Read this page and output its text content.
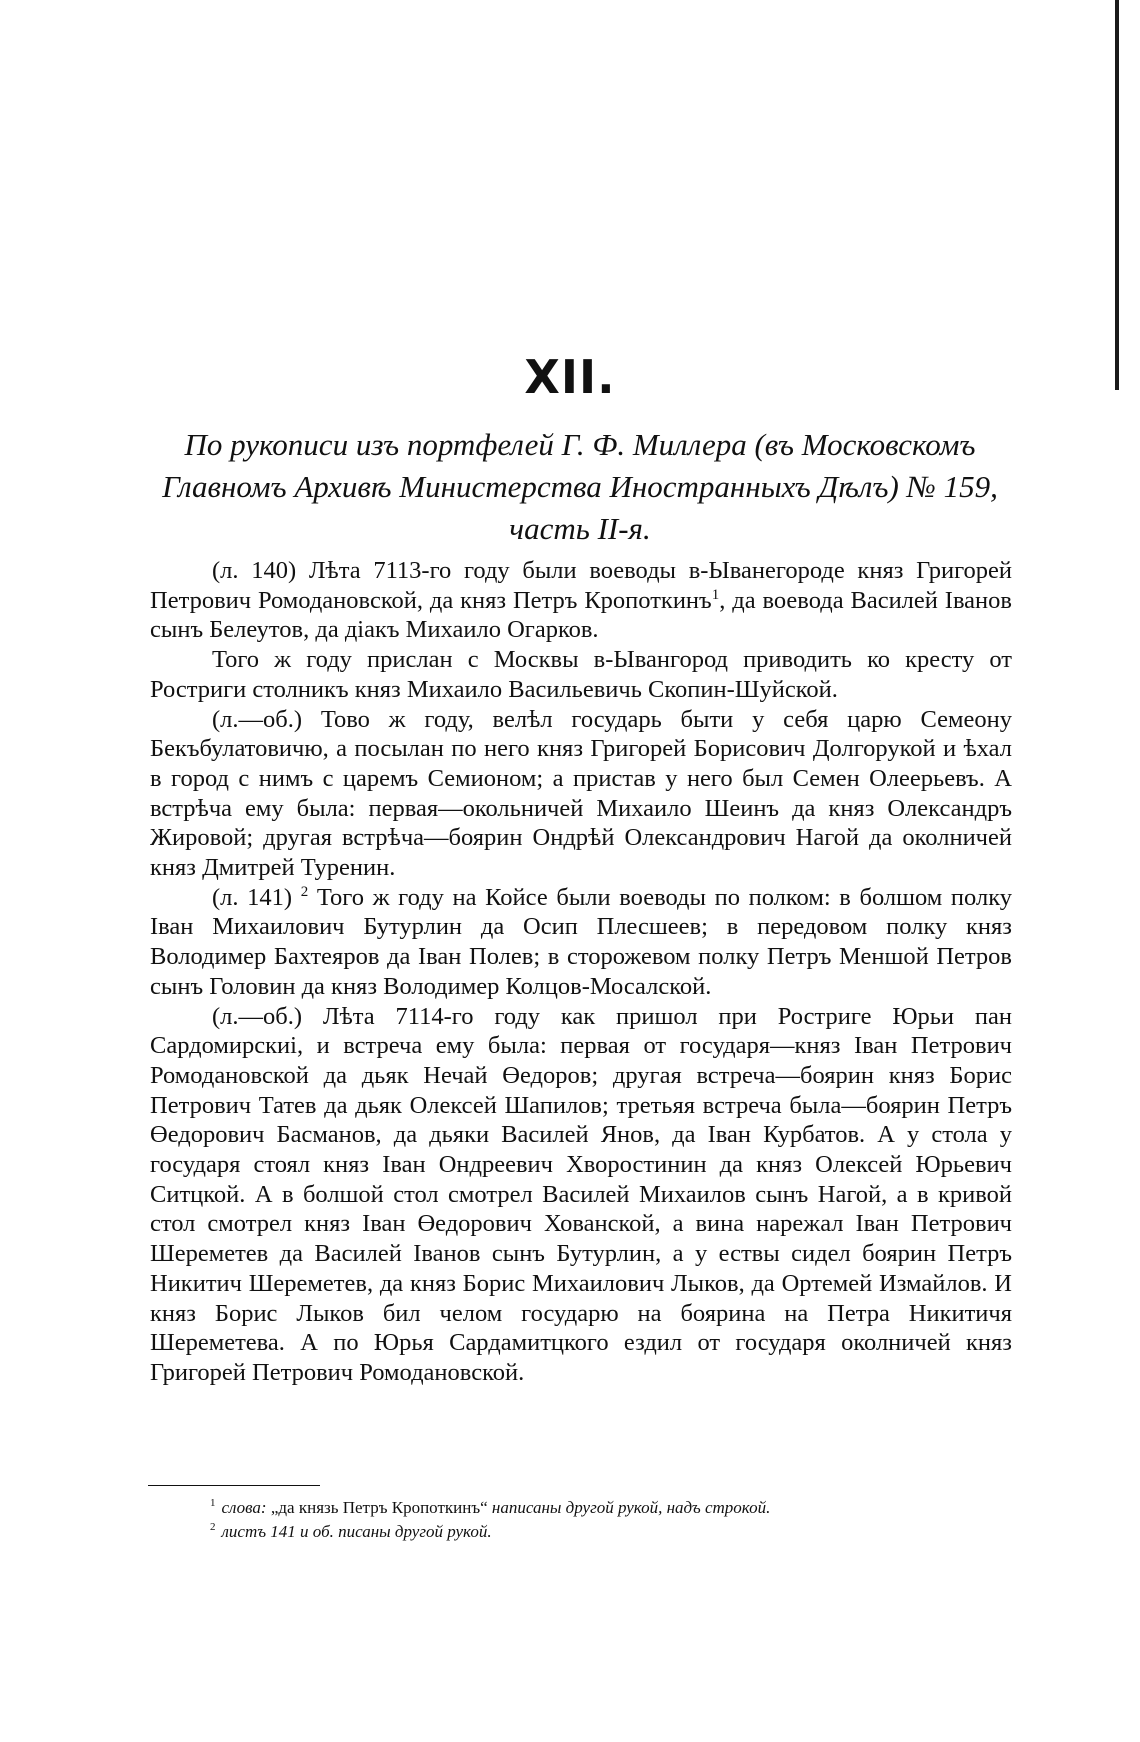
XII.
По рукописи изъ портфелей Г. Ф. Миллера (въ Московскомъ
Главномъ Архивѣ Министерства Иностранныхъ Дѣлъ) № 159,
часть II-я.

(л. 140) Лѣта 7113-го году были воеводы в-Ыванегороде княз Григорей Петрович Ромодановской, да княз Петръ Кропоткинъ$^1$, да воевода Василей Іванов сынъ Белеутов, да діакъ Михаило Огарков.

Того ж году прислан с Москвы в-Ывангород приводить ко кресту от Ростриги столникъ княз Михаило Васильевичь Скопин-Шуйской.

(л.—об.) Тово ж году, велѣл государь быти у себя царю Семеону Бекъбулатовичю, а посылан по него княз Григорей Борисович Долгорукой и ѣхал в город с нимъ с царемъ Семионом; а пристав у него был Семен Олеерьевъ. А встрѣча ему была: первая—окольничей Михаило Шеинъ да княз Олександръ Жировой; другая встрѣча—боярин Ондрѣй Олександрович Нагой да околничей княз Дмитрей Туренин.

(л. 141) $^2$ Того ж году на Койсе были воеводы по полком: в болшом полку Іван Михаилович Бутурлин да Осип Плесшеев; в передовом полку княз Володимер Бахтеяров да Іван Полев; в сторожевом полку Петръ Меншой Петров сынъ Головин да княз Володимер Колцов-Мосалской.

(л.—об.) Лѣта 7114-го году как пришол при Ростриге Юрьи пан Сардомирскиі, и встреча ему была: первая от государя—княз Іван Петрович Ромодановской да дьяк Нечай Өедоров; другая встреча—боярин княз Борис Петрович Татев да дьяк Олексей Шапилов; третьяя встреча была—боярин Петръ Өедорович Басманов, да дьяки Василей Янов, да Іван Курбатов. А у стола у государя стоял княз Іван Ондреевич Хворостинин да княз Олексей Юрьевич Ситцкой. А в болшой стол смотрел Василей Михаилов сынъ Нагой, а в кривой стол смотрел княз Іван Өедорович Хованской, а вина нарежал Іван Петрович Шереметев да Василей Іванов сынъ Бутурлин, а у ествы сидел боярин Петръ Никитич Шереметев, да княз Борис Михаилович Лыков, да Ортемей Измайлов. И княз Борис Лыков бил челом государю на боярина на Петра Никитичя Шереметева. А по Юрья Сардамитцкого ездил от государя околничей княз Григорей Петрович Ромодановской.

$^1$ слова: „да князь Петръ Кропоткинъ“ написаны другой рукой, надъ строкой.

$^2$ листъ 141 и об. писаны другой рукой.
